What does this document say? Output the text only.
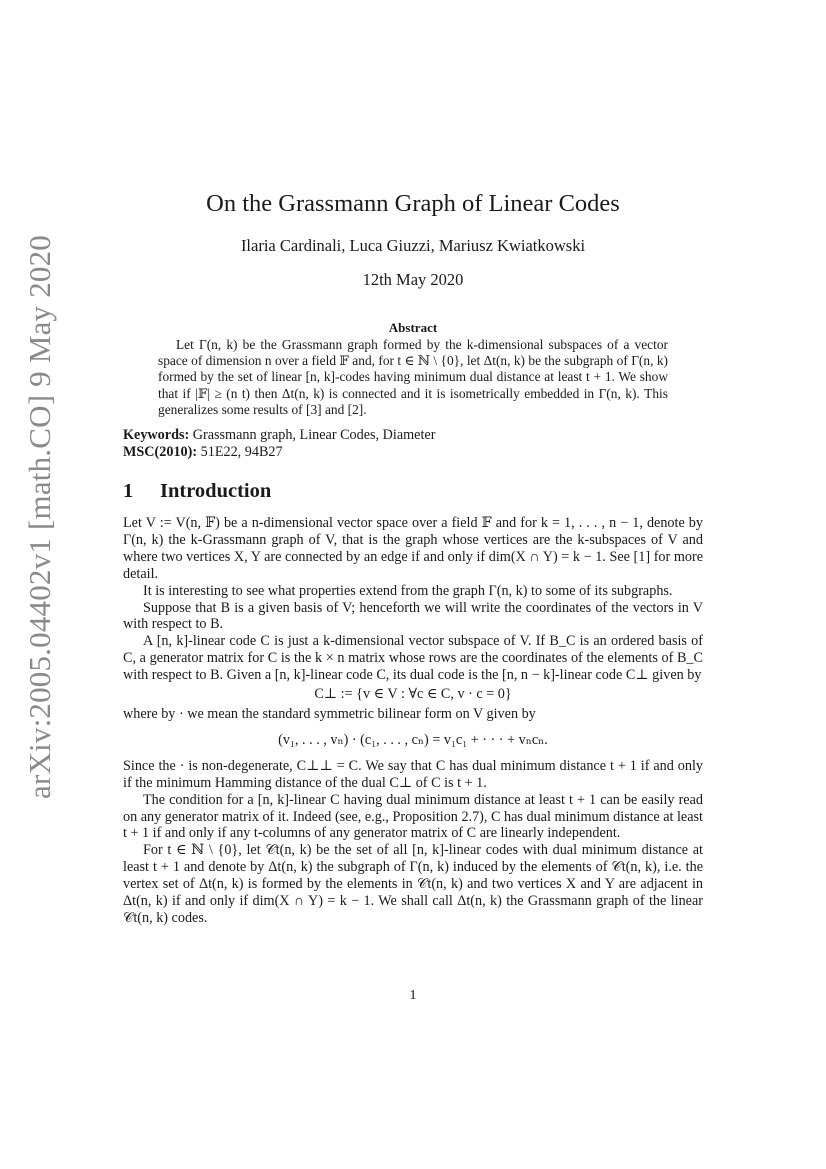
arXiv:2005.04402v1 [math.CO] 9 May 2020
On the Grassmann Graph of Linear Codes
Ilaria Cardinali, Luca Giuzzi, Mariusz Kwiatkowski
12th May 2020
Abstract

Let Γ(n, k) be the Grassmann graph formed by the k-dimensional subspaces of a vector space of dimension n over a field 𝔽 and, for t ∈ ℕ \ {0}, let Δt(n, k) be the subgraph of Γ(n, k) formed by the set of linear [n, k]-codes having minimum dual distance at least t + 1. We show that if |𝔽| ≥ (n t) then Δt(n, k) is connected and it is isometrically embedded in Γ(n, k). This generalizes some results of [3] and [2].

Keywords: Grassmann graph, Linear Codes, Diameter
MSC(2010): 51E22, 94B27
1 Introduction

Let V := V(n, 𝔽) be a n-dimensional vector space over a field 𝔽 and for k = 1, . . . , n − 1, denote by Γ(n, k) the k-Grassmann graph of V, that is the graph whose vertices are the k-subspaces of V and where two vertices X, Y are connected by an edge if and only if dim(X ∩ Y) = k − 1. See [1] for more detail.

It is interesting to see what properties extend from the graph Γ(n, k) to some of its subgraphs.

Suppose that B is a given basis of V; henceforth we will write the coordinates of the vectors in V with respect to B.

A [n, k]-linear code C is just a k-dimensional vector subspace of V. If B_C is an ordered basis of C, a generator matrix for C is the k × n matrix whose rows are the coordinates of the elements of B_C with respect to B. Given a [n, k]-linear code C, its dual code is the [n, n − k]-linear code C⊥ given by

C⊥ := {v ∈ V : ∀c ∈ C, v · c = 0}

where by · we mean the standard symmetric bilinear form on V given by

(v₁, . . . , vₙ) · (c₁, . . . , cₙ) = v₁c₁ + · · · + vₙcₙ.

Since the · is non-degenerate, C⊥⊥ = C. We say that C has dual minimum distance t + 1 if and only if the minimum Hamming distance of the dual C⊥ of C is t + 1.

The condition for a [n, k]-linear C having dual minimum distance at least t + 1 can be easily read on any generator matrix of it. Indeed (see, e.g., Proposition 2.7), C has dual minimum distance at least t + 1 if and only if any t-columns of any generator matrix of C are linearly independent.

For t ∈ ℕ \ {0}, let 𝒞t(n, k) be the set of all [n, k]-linear codes with dual minimum distance at least t + 1 and denote by Δt(n, k) the subgraph of Γ(n, k) induced by the elements of 𝒞t(n, k), i.e. the vertex set of Δt(n, k) is formed by the elements in 𝒞t(n, k) and two vertices X and Y are adjacent in Δt(n, k) if and only if dim(X ∩ Y) = k − 1. We shall call Δt(n, k) the Grassmann graph of the linear 𝒞t(n, k) codes.

1
